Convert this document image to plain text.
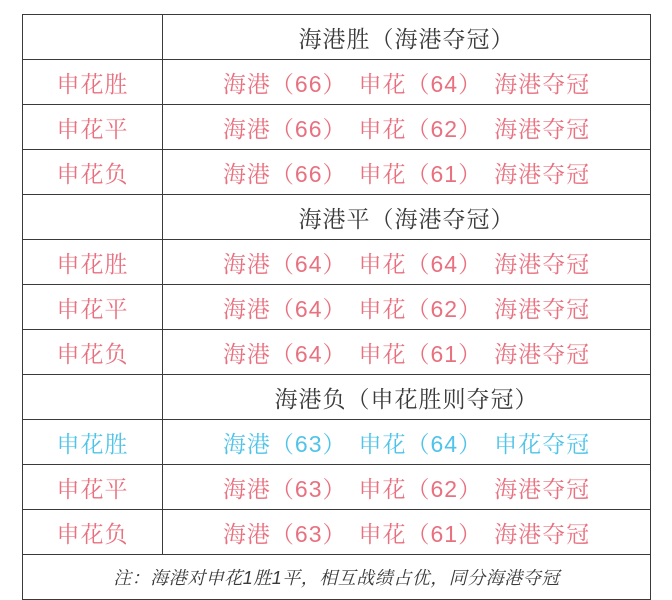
	海港胜（海港夺冠）
申花胜	海港（66） 申花（64） 海港夺冠
申花平	海港（66） 申花（62） 海港夺冠
申花负	海港（66） 申花（61） 海港夺冠
	海港平（海港夺冠）
申花胜	海港（64） 申花（64） 海港夺冠
申花平	海港（64） 申花（62） 海港夺冠
申花负	海港（64） 申花（61） 海港夺冠
	海港负（申花胜则夺冠）
申花胜	海港（63） 申花（64） 申花夺冠
申花平	海港（63） 申花（62） 海港夺冠
申花负	海港（63） 申花（61） 海港夺冠
注：海港对申花1胜1平，相互战绩占优，同分海港夺冠	
